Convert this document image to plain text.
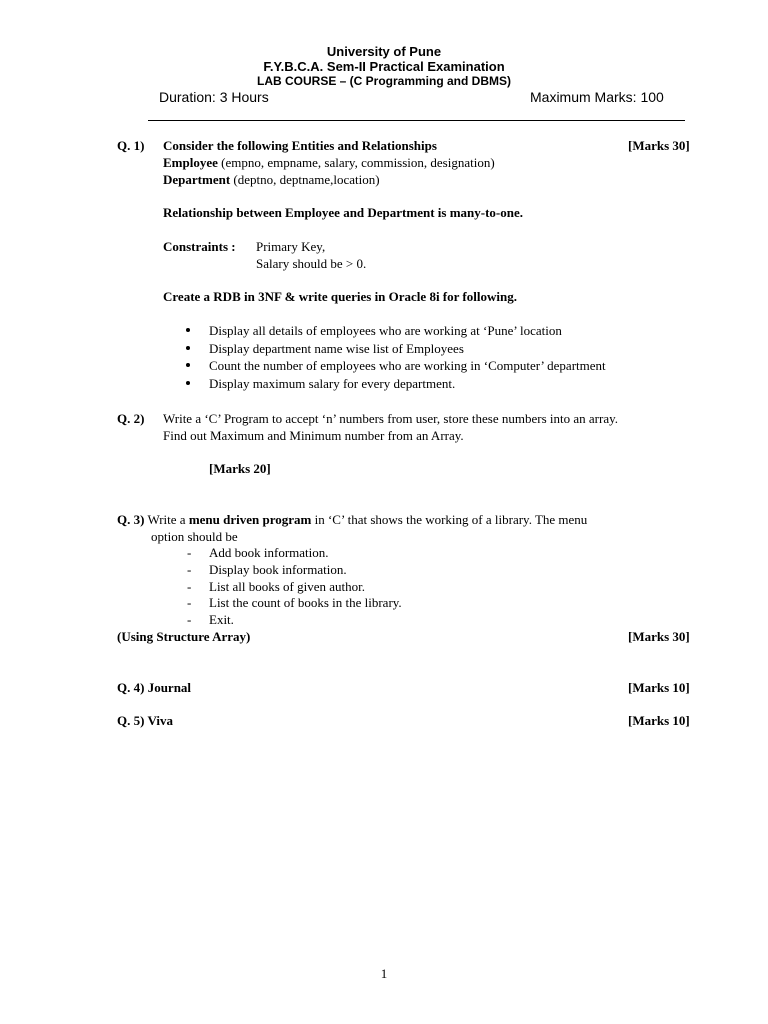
University of Pune
F.Y.B.C.A. Sem-II Practical Examination
LAB COURSE – (C Programming and DBMS)
Duration: 3 Hours	Maximum Marks: 100
Q. 1) Consider the following Entities and Relationships	[Marks 30]
Employee (empno, empname, salary, commission, designation)
Department (deptno, deptname,location)
Relationship between Employee and Department is many-to-one.
Constraints : Primary Key,
Salary should be > 0.
Create a RDB in 3NF & write queries in Oracle 8i for following.
Display all details of employees who are working at ‘Pune’ location
Display department name wise list of Employees
Count the number of employees who are working in ‘Computer’ department
Display maximum salary for every department.
Q. 2) Write a ‘C’ Program to accept ‘n’ numbers from user, store these numbers into an array.
Find out Maximum and Minimum number from an Array.
[Marks 20]
Q. 3) Write a menu driven program in ‘C’ that shows the working of a library. The menu
option should be
- Add book information.
- Display book information.
- List all books of given author.
- List the count of books in the library.
- Exit.
(Using Structure Array)	[Marks 30]
Q. 4) Journal	[Marks 10]
Q. 5) Viva	[Marks 10]
1
